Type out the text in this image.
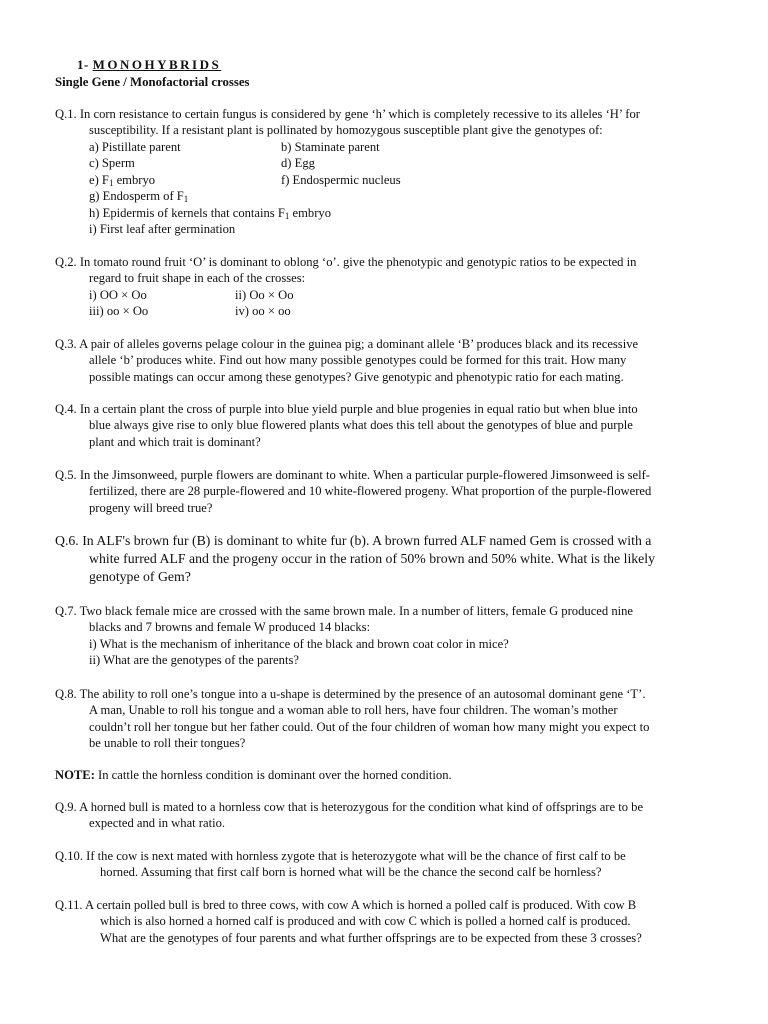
1- MONOHYBRIDS
Single Gene / Monofactorial crosses

Q.1. In corn resistance to certain fungus is considered by gene ‘h’ which is completely recessive to its alleles ‘H’ for

susceptibility. If a resistant plant is pollinated by homozygous susceptible plant give the genotypes of:

a) Pistillate parent	b) Staminate parent
c) Sperm	d) Egg
e) $F_1$ embryo	f) Endospermic nucleus
g) Endosperm of $F_1$
h) Epidermis of kernels that contains $F_1$ embryo
i) First leaf after germination

Q.2. In tomato round fruit ‘O’ is dominant to oblong ‘o’. give the phenotypic and genotypic ratios to be expected in

regard to fruit shape in each of the crosses:

i) OO × Oo	ii) Oo × Oo
iii) oo × Oo	iv) oo × oo

Q.3. A pair of alleles governs pelage colour in the guinea pig; a dominant allele ‘B’ produces black and its recessive

allele ‘b’ produces white. Find out how many possible genotypes could be formed for this trait. How many

possible matings can occur among these genotypes? Give genotypic and phenotypic ratio for each mating.

Q.4. In a certain plant the cross of purple into blue yield purple and blue progenies in equal ratio but when blue into

blue always give rise to only blue flowered plants what does this tell about the genotypes of blue and purple

plant and which trait is dominant?

Q.5. In the Jimsonweed, purple flowers are dominant to white. When a particular purple-flowered Jimsonweed is self-

fertilized, there are 28 purple-flowered and 10 white-flowered progeny. What proportion of the purple-flowered

progeny will breed true?

Q.6. In ALF's brown fur (B) is dominant to white fur (b). A brown furred ALF named Gem is crossed with a

white furred ALF and the progeny occur in the ration of 50% brown and 50% white. What is the likely

genotype of Gem?

Q.7. Two black female mice are crossed with the same brown male. In a number of litters, female G produced nine

blacks and 7 browns and female W produced 14 blacks:

i) What is the mechanism of inheritance of the black and brown coat color in mice?

ii) What are the genotypes of the parents?

Q.8. The ability to roll one’s tongue into a u-shape is determined by the presence of an autosomal dominant gene ‘T’.

A man, Unable to roll his tongue and a woman able to roll hers, have four children. The woman’s mother

couldn’t roll her tongue but her father could. Out of the four children of woman how many might you expect to

be unable to roll their tongues?

NOTE: In cattle the hornless condition is dominant over the horned condition.

Q.9. A horned bull is mated to a hornless cow that is heterozygous for the condition what kind of offsprings are to be

expected and in what ratio.

Q.10. If the cow is next mated with hornless zygote that is heterozygote what will be the chance of first calf to be

horned. Assuming that first calf born is horned what will be the chance the second calf be hornless?

Q.11. A certain polled bull is bred to three cows, with cow A which is horned a polled calf is produced. With cow B

which is also horned a horned calf is produced and with cow C which is polled a horned calf is produced.

What are the genotypes of four parents and what further offsprings are to be expected from these 3 crosses?
